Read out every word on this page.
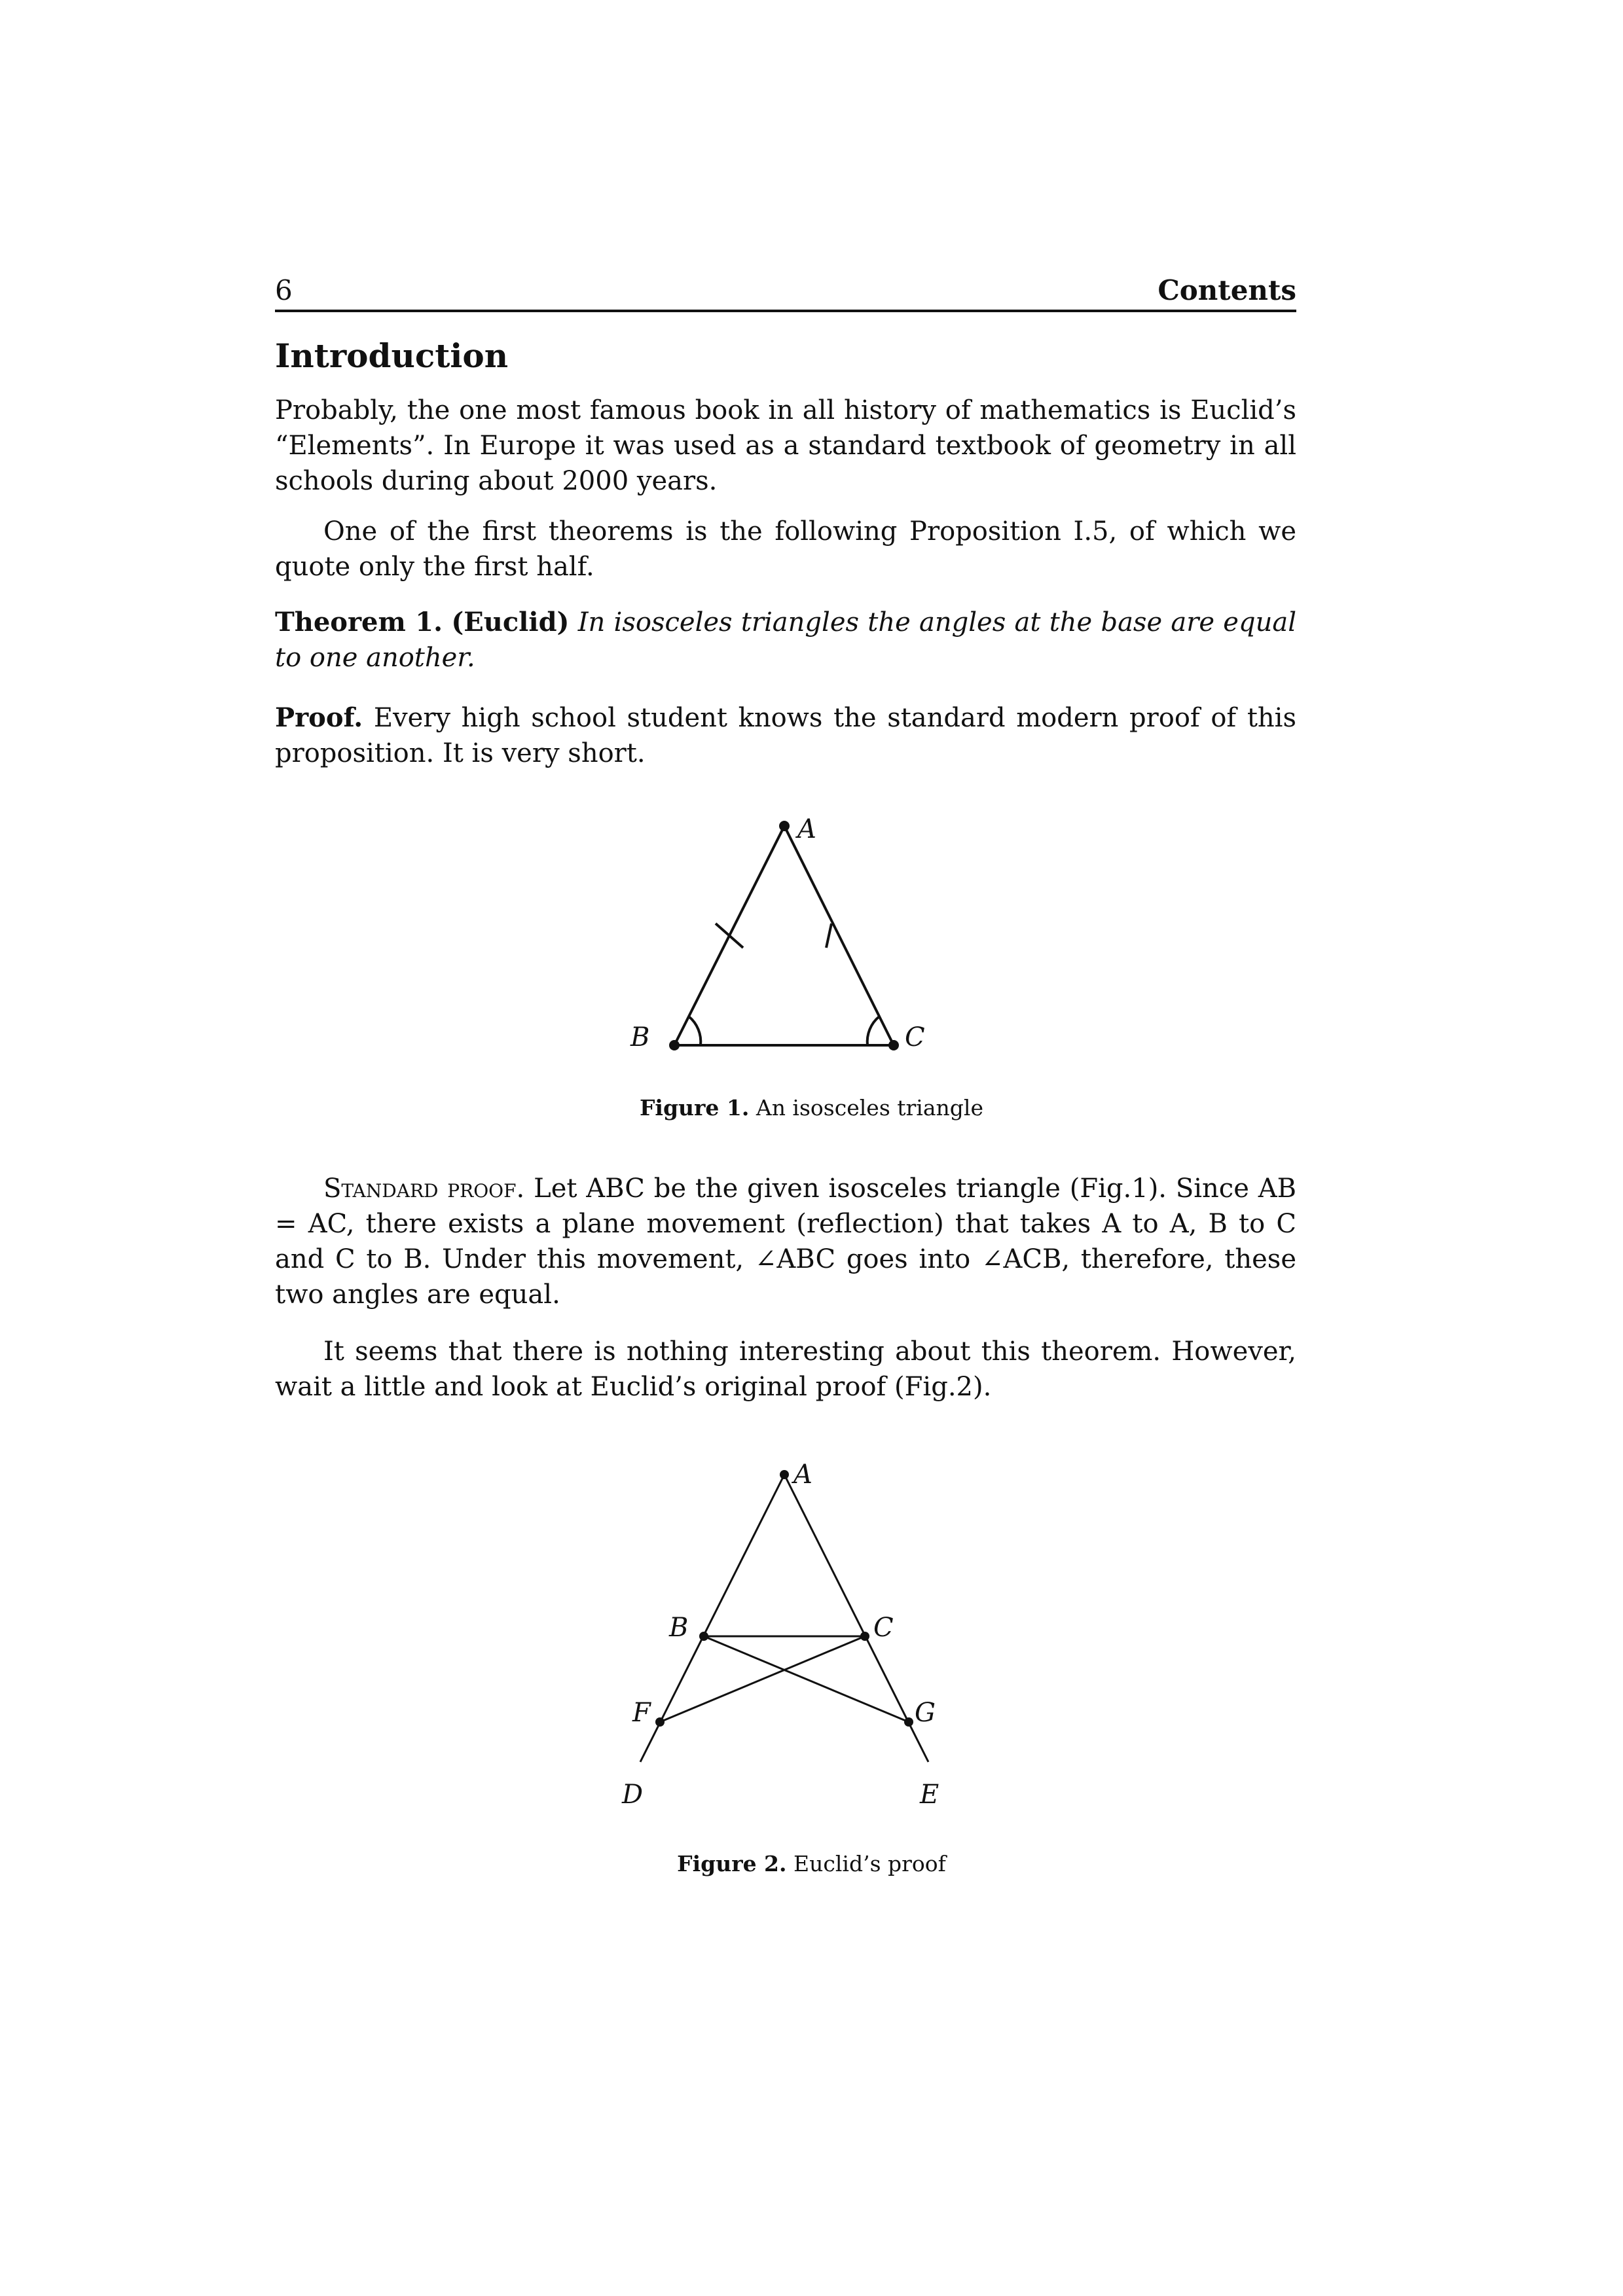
6	Contents
Introduction

Probably, the one most famous book in all history of mathematics is Euclid’s “Elements”. In Europe it was used as a standard textbook of geometry in all schools during about 2000 years.

One of the first theorems is the following Proposition I.5, of which we quote only the first half.

Theorem 1. (Euclid) In isosceles triangles the angles at the base are equal to one another.

Proof. Every high school student knows the standard modern proof of this proposition. It is very short.

A
B	C
Figure 1. An isosceles triangle

Standard proof. Let ABC be the given isosceles triangle (Fig.1). Since AB = AC, there exists a plane movement (reflection) that takes A to A, B to C and C to B. Under this movement, ∠ABC goes into ∠ACB, therefore, these two angles are equal.

It seems that there is nothing interesting about this theorem. However, wait a little and look at Euclid’s original proof (Fig.2).

A
B	C
F	G
D	E
Figure 2. Euclid’s proof
